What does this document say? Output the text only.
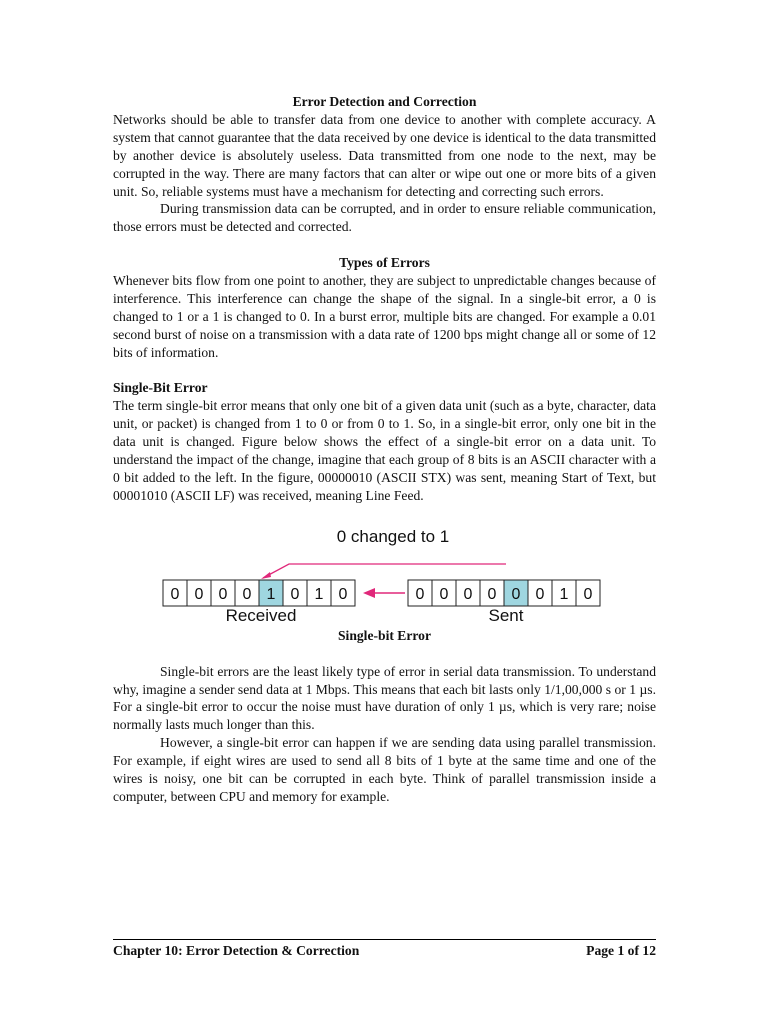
Error Detection and Correction

Networks should be able to transfer data from one device to another with complete accuracy. A system that cannot guarantee that the data received by one device is identical to the data transmitted by another device is absolutely useless. Data transmitted from one node to the next, may be corrupted in the way. There are many factors that can alter or wipe out one or more bits of a given unit. So, reliable systems must have a mechanism for detecting and correcting such errors.

During transmission data can be corrupted, and in order to ensure reliable communication, those errors must be detected and corrected.

Types of Errors

Whenever bits flow from one point to another, they are subject to unpredictable changes because of interference. This interference can change the shape of the signal. In a single-bit error, a 0 is changed to 1 or a 1 is changed to 0. In a burst error, multiple bits are changed. For example a 0.01 second burst of noise on a transmission with a data rate of 1200 bps might change all or some of 12 bits of information.

Single-Bit Error

The term single-bit error means that only one bit of a given data unit (such as a byte, character, data unit, or packet) is changed from 1 to 0 or from 0 to 1. So, in a single-bit error, only one bit in the data unit is changed. Figure below shows the effect of a single-bit error on a data unit. To understand the impact of the change, imagine that each group of 8 bits is an ASCII character with a 0 bit added to the left. In the figure, 00000010 (ASCII STX) was sent, meaning Start of Text, but 00001010 (ASCII LF) was received, meaning Line Feed.

0 changed to 1
0 0 0 0 1 0 1 0	0 0 0 0 0 0 1 0
Received	Sent

Single-bit Error

Single-bit errors are the least likely type of error in serial data transmission. To understand why, imagine a sender send data at 1 Mbps. This means that each bit lasts only 1/1,00,000 s or 1 µs. For a single-bit error to occur the noise must have duration of only 1 µs, which is very rare; noise normally lasts much longer than this.

However, a single-bit error can happen if we are sending data using parallel transmission. For example, if eight wires are used to send all 8 bits of 1 byte at the same time and one of the wires is noisy, one bit can be corrupted in each byte. Think of parallel transmission inside a computer, between CPU and memory for example.

Chapter 10: Error Detection & Correction	Page 1 of 12
